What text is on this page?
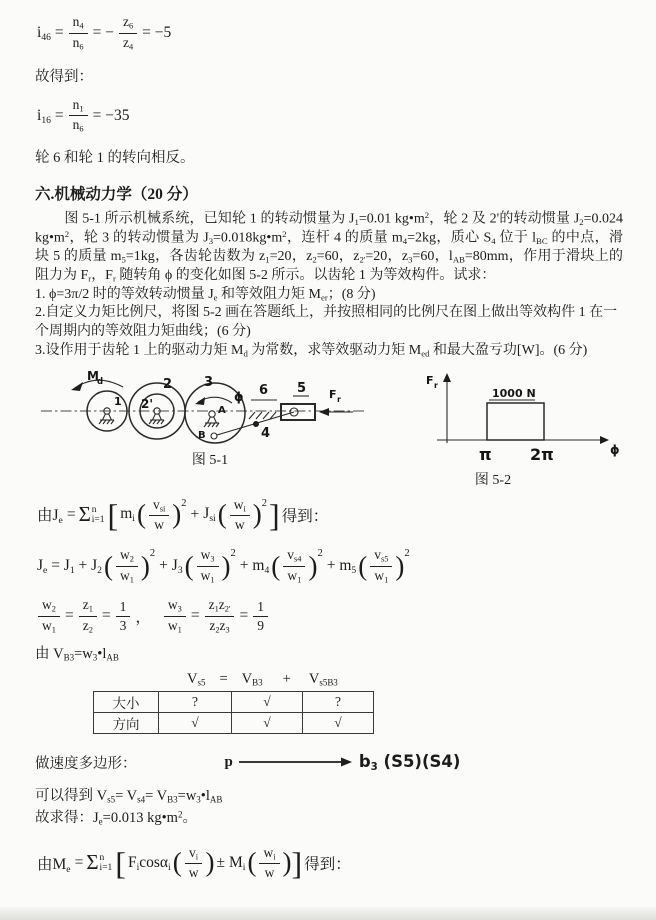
$i_{46} = \frac{n_4}{n_6}$ = − $\frac{z_6}{z_4} = -5$
故得到：
$i_{16} = \frac{n_1}{n_6} = -35$
轮 6 和轮 1 的转向相反。
六.机械动力学（20 分）
图 5-1 所示机械系统，已知轮 1 的转动惯量为 $J_1=0.01$ $kg•m^2$，轮 2 及 2'的转动惯量 $J_2=0.024$ $kg•m^2$，轮 3 的转动惯量为 $J_3=0.018kg•m^2$，连杆 4 的质量 $m_4=2kg$，质心 $S_4$ 位于 $l_{BC}$ 的中点，滑块 5 的质量 $m_5=1kg$，各齿轮齿数为 $z_1=20$，$z_2=60$，$z_{2'}=20$，$z_3=60$，$l_{AB}=80mm$，作用于滑块上的阻力为 $F_r$，$F_r$ 随转角 ϕ 的变化如图 5-2 所示。以齿轮 1 为等效构件。试求：
1. ϕ=3π/2 时的等效转动惯量 $J_e$ 和等效阻力矩 $M_{er}$；(8 分)
2.自定义力矩比例尺，将图 5-2 画在答题纸上，并按照相同的比例尺在图上做出等效构件 1 在一个周期内的等效阻力矩曲线；(6 分)
3.设作用于齿轮 1 上的驱动力矩 $M_d$ 为常数，求等效驱动力矩 $M_{ed}$ 和最大盈亏功[W]。(6 分)
M
d
1
2
2'
3
ϕ
A
B	4
6 5 F r
图 5-1
F r
ϕ
1000 N
π 2π
图 5-2
由$J_e = \Sigma$ n
i=1 [ $m_i$ ( $\frac{v_{si}}{w}$ ) 2
+ $J_{si}$ ( $\frac{w_i}{w}$ ) 2 ] 得到：
$J_e = J_1 + J_2$ ( $\frac{w_2}{w_1}$ ) 2
+ $J_3$ ( $\frac{w_3}{w_1}$ ) 2
+ $m_4$ ( $\frac{v_{s4}}{w_1}$ ) 2
+ $m_5$ ( $\frac{v_{s5}}{w_1}$ ) 2
$\frac{w_2}{w_1} = \frac{z_1}{z_2} = \frac{1}{3}$ ， $\frac{w_3}{w_1} = \frac{z_1z_{2'}}{z_2z_3} = \frac{1}{9}$
由 $V_{B3}=w_3•l_{AB}$
$V_{s5} = V_{B3} + V_{s5B3}$
大小	?	√	?
方向	√	√	√
做速度多边形：	p	$b_3$ (S5)(S4)
可以得到 $V_{s5}= V_{s4}=$ $V_{B3}=w_3•l_{AB}$
故求得：$J_e=0.013$ $kg•m^2$。
由$M_e = \Sigma$ n
i=1 [ $F_i\cos\alpha_i$ ( $\frac{v_i}{w}$ ) ± $M_i$ ( $\frac{w_i}{w}$ ) ] 得到：
